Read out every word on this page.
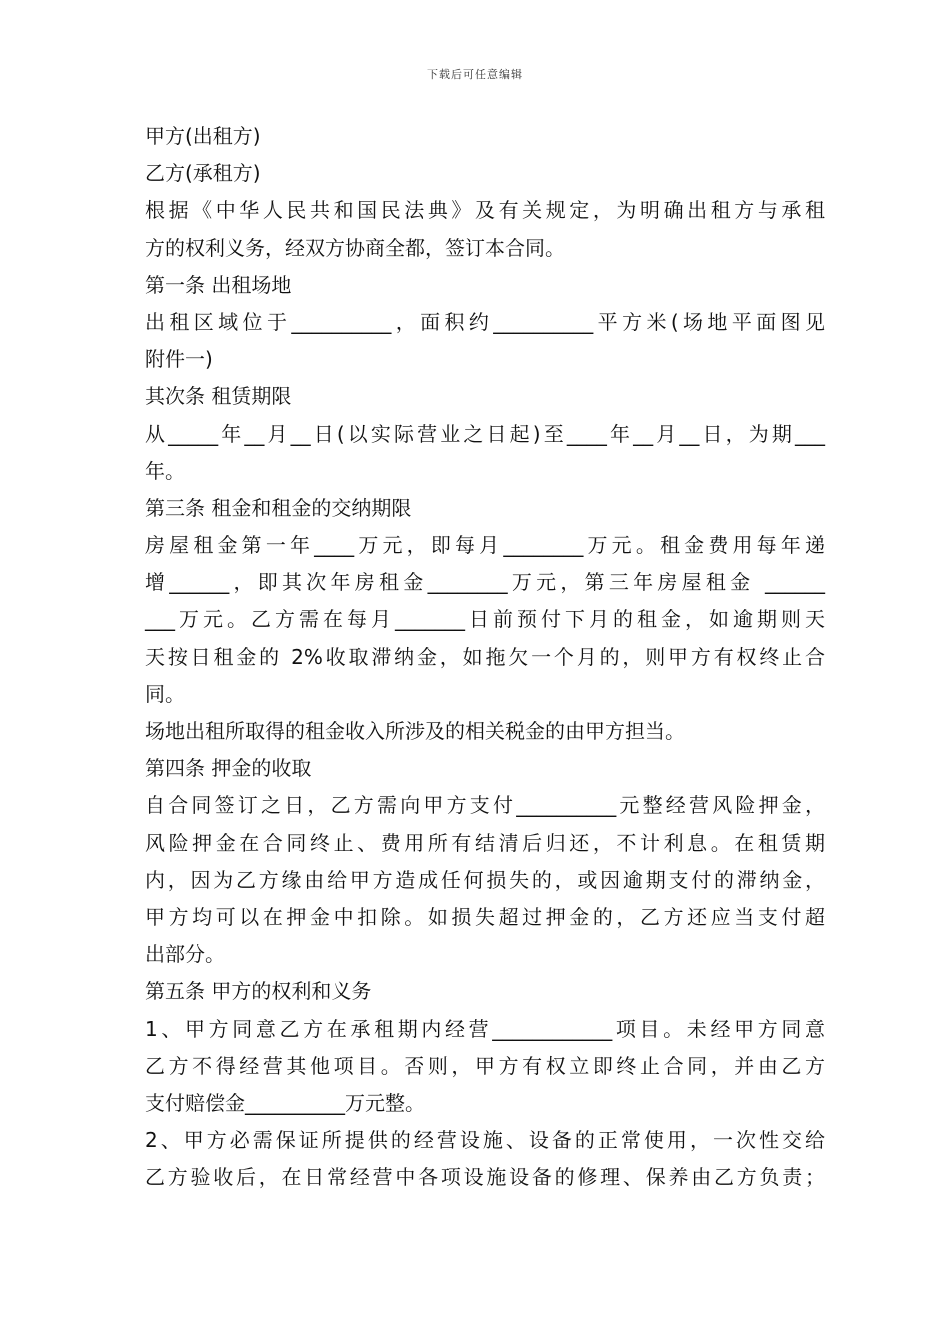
下载后可任意编辑
甲方(出租方)
乙方(承租方)
根据《中华人民共和国民法典》及有关规定，为明确出租方与承租
方的权利义务，经双方协商全都，签订本合同。
第一条 出租场地
出租区域位于__________，面积约__________平方米(场地平面图见
附件一)
其次条 租赁期限
从_____年__月__日(以实际营业之日起)至____年__月__日，为期___
年。
第三条 租金和租金的交纳期限
房屋租金第一年____万元，即每月________万元。租金费用每年递
增______，即其次年房租金________万元，第三年房屋租金 ______
___万元。乙方需在每月_______日前预付下月的租金，如逾期则天
天按日租金的 2%收取滞纳金，如拖欠一个月的，则甲方有权终止合
同。
场地出租所取得的租金收入所涉及的相关税金的由甲方担当。
第四条 押金的收取
自合同签订之日，乙方需向甲方支付__________元整经营风险押金，
风险押金在合同终止、费用所有结清后归还，不计利息。在租赁期
内，因为乙方缘由给甲方造成任何损失的，或因逾期支付的滞纳金，
甲方均可以在押金中扣除。如损失超过押金的，乙方还应当支付超
出部分。
第五条 甲方的权利和义务
1、甲方同意乙方在承租期内经营____________项目。未经甲方同意
乙方不得经营其他项目。否则，甲方有权立即终止合同，并由乙方
支付赔偿金__________万元整。
2、甲方必需保证所提供的经营设施、设备的正常使用，一次性交给
乙方验收后，在日常经营中各项设施设备的修理、保养由乙方负责；
